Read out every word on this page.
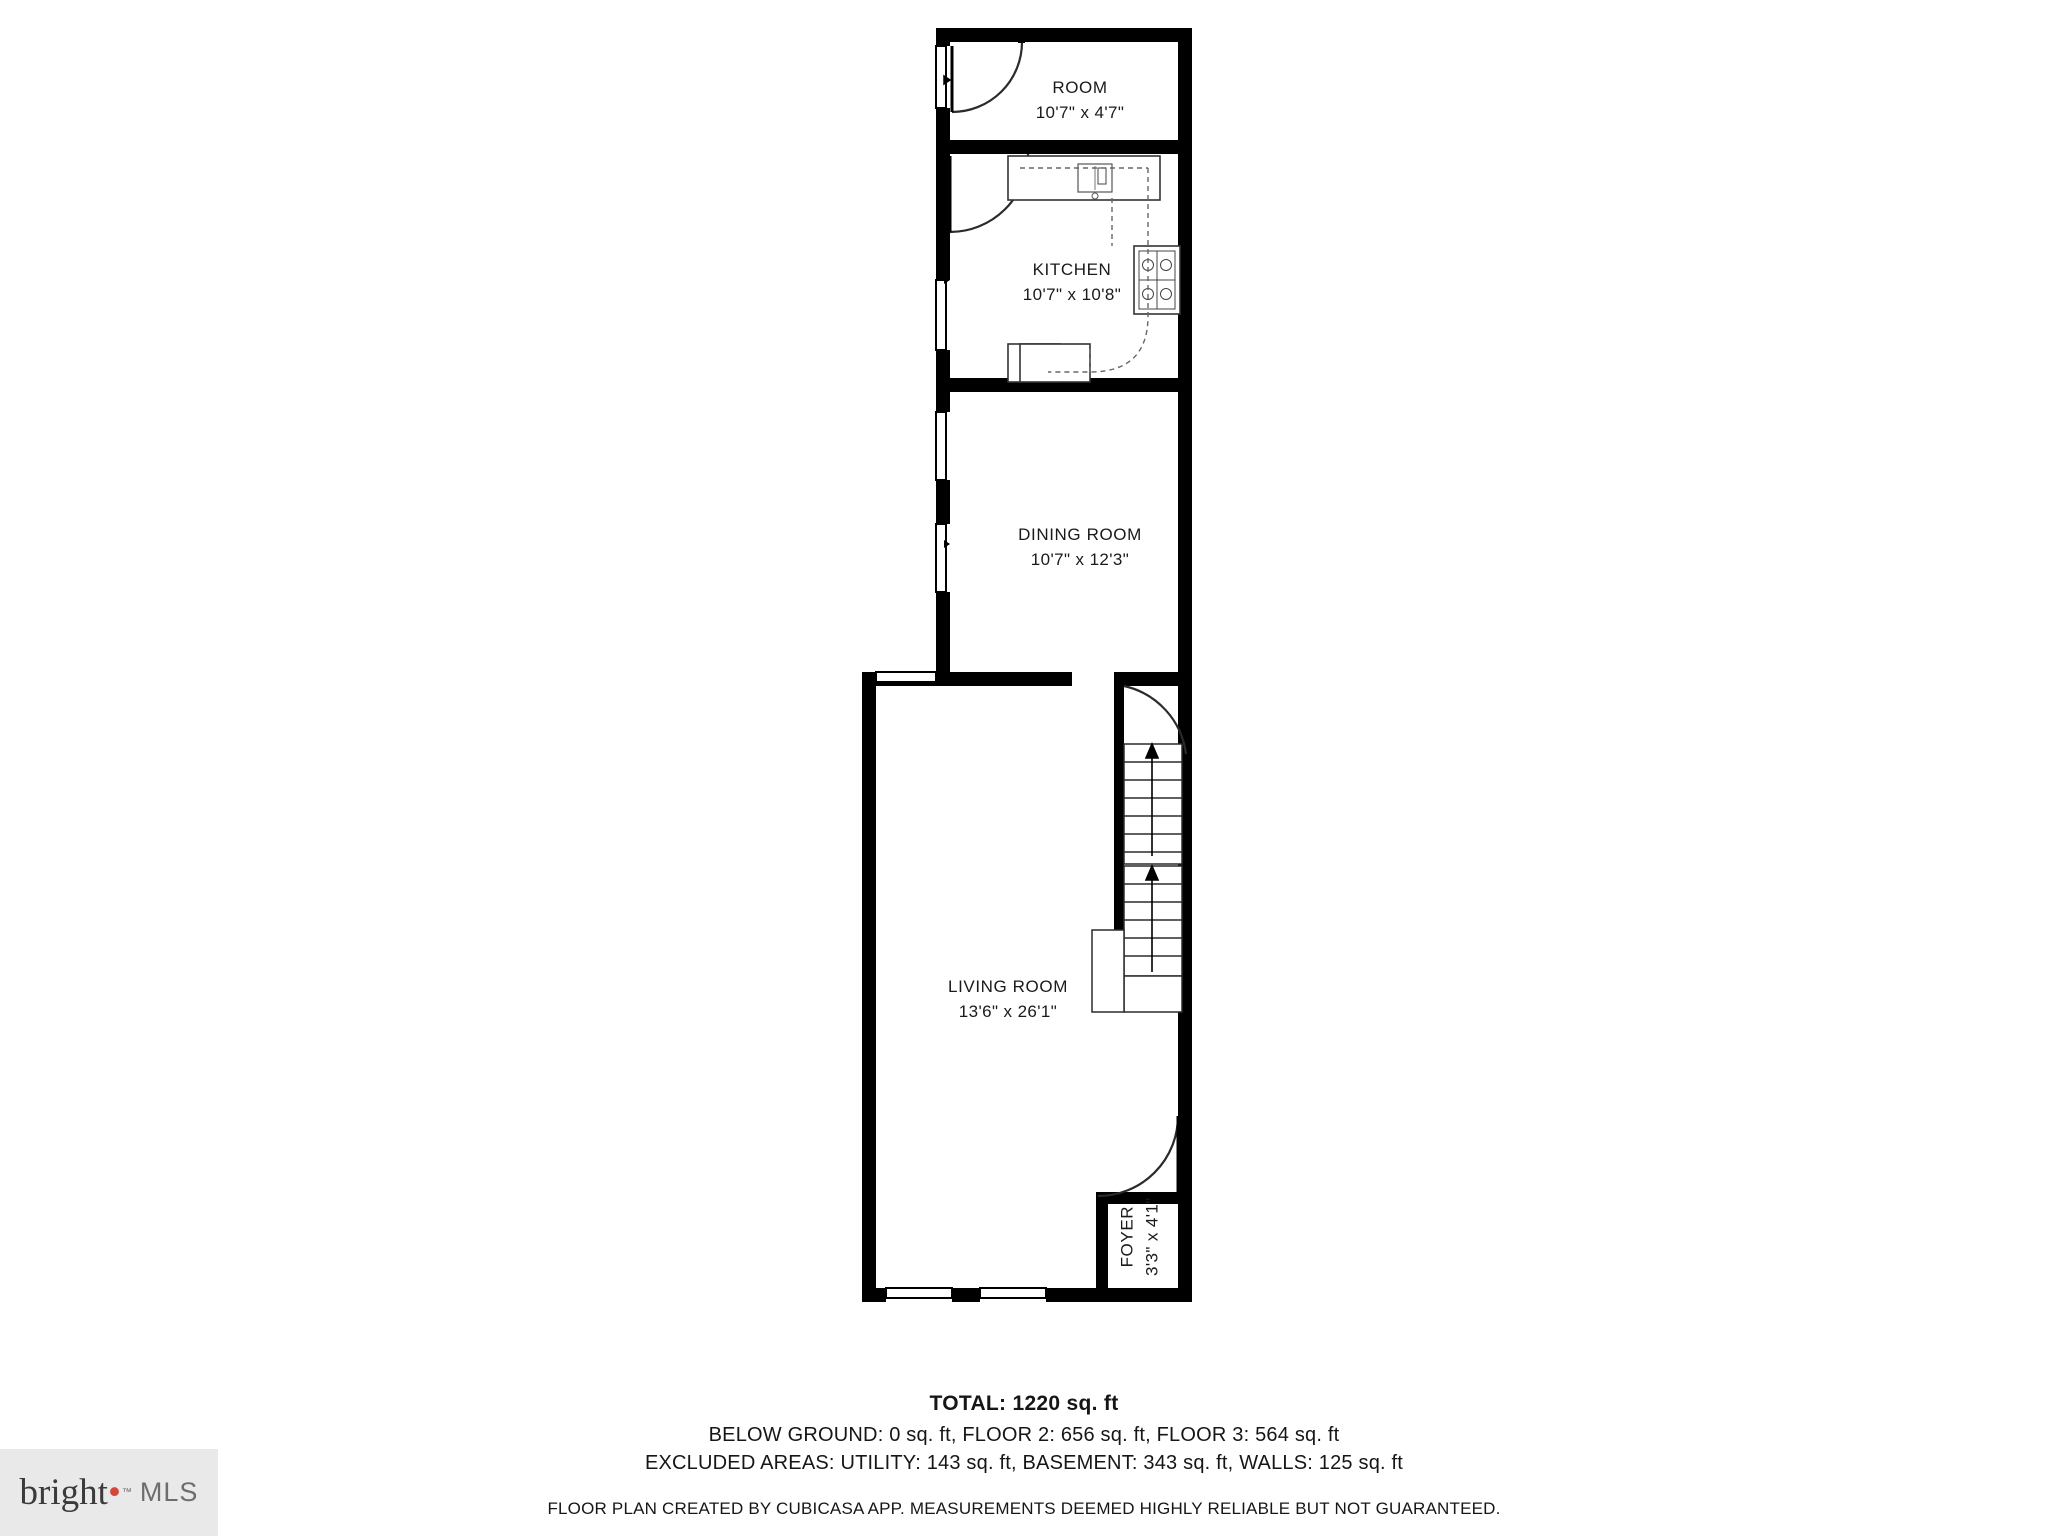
ROOM
10'7" x 4'7"
KITCHEN
10'7" x 10'8"
DINING ROOM
10'7" x 12'3"
LIVING ROOM
13'6" x 26'1"
FOYER 3'3" x 4'1"
TOTAL: 1220 sq. ft
BELOW GROUND: 0 sq. ft, FLOOR 2: 656 sq. ft, FLOOR 3: 564 sq. ft
EXCLUDED AREAS: UTILITY: 143 sq. ft, BASEMENT: 343 sq. ft, WALLS: 125 sq. ft
FLOOR PLAN CREATED BY CUBICASA APP. MEASUREMENTS DEEMED HIGHLY RELIABLE BUT NOT GUARANTEED.
bright• ™ MLS
